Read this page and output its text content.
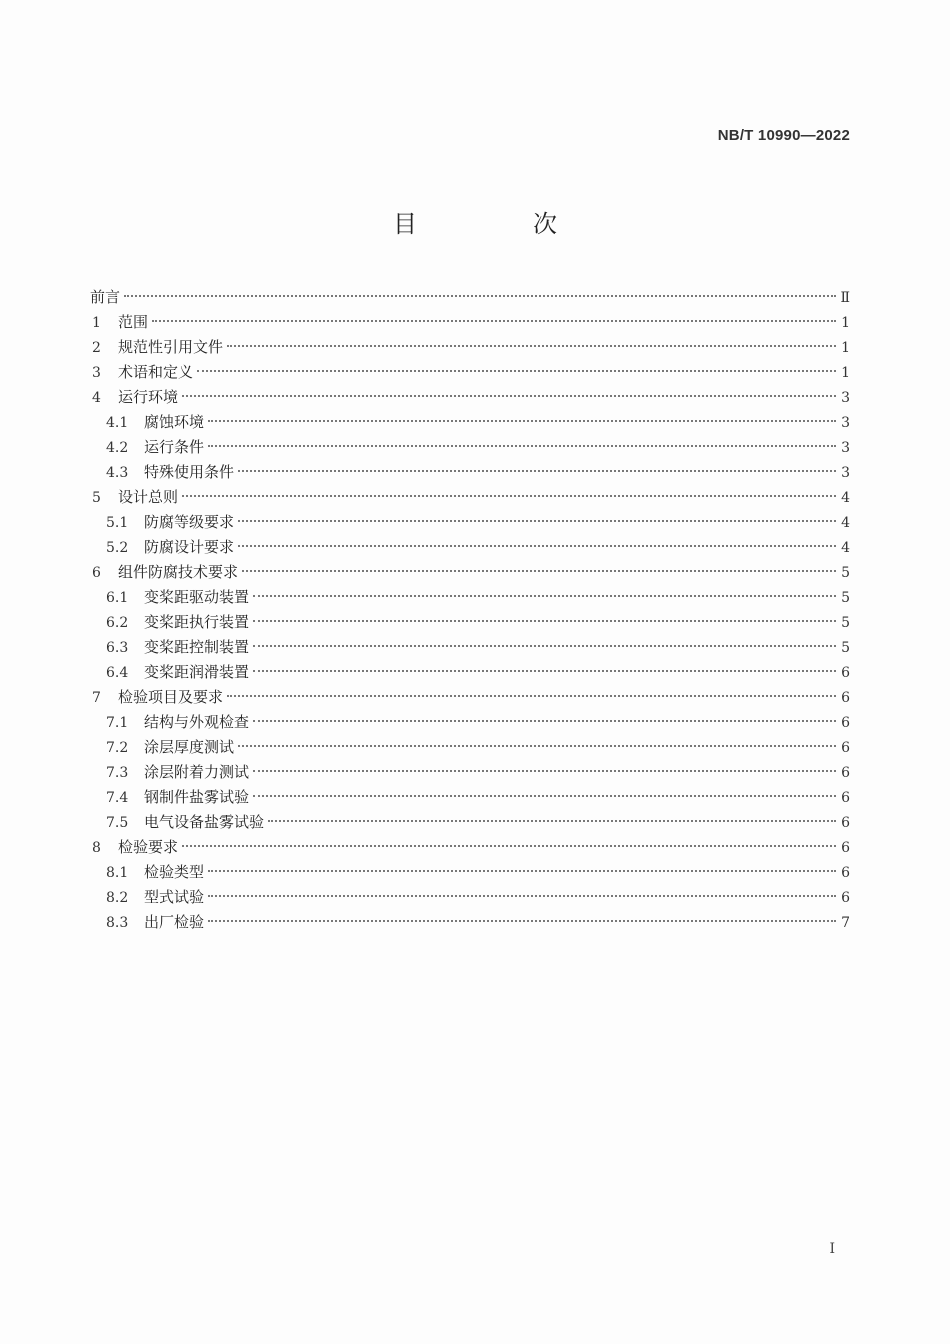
NB/T 10990—2022
目　次
前言	Ⅱ
1	范围	1
2	规范性引用文件	1
3	术语和定义	1
4	运行环境	3
4.1	腐蚀环境	3
4.2	运行条件	3
4.3	特殊使用条件	3
5	设计总则	4
5.1	防腐等级要求	4
5.2	防腐设计要求	4
6	组件防腐技术要求	5
6.1	变桨距驱动装置	5
6.2	变桨距执行装置	5
6.3	变桨距控制装置	5
6.4	变桨距润滑装置	6
7	检验项目及要求	6
7.1	结构与外观检查	6
7.2	涂层厚度测试	6
7.3	涂层附着力测试	6
7.4	钢制件盐雾试验	6
7.5	电气设备盐雾试验	6
8	检验要求	6
8.1	检验类型	6
8.2	型式试验	6
8.3	出厂检验	7
Ⅰ
